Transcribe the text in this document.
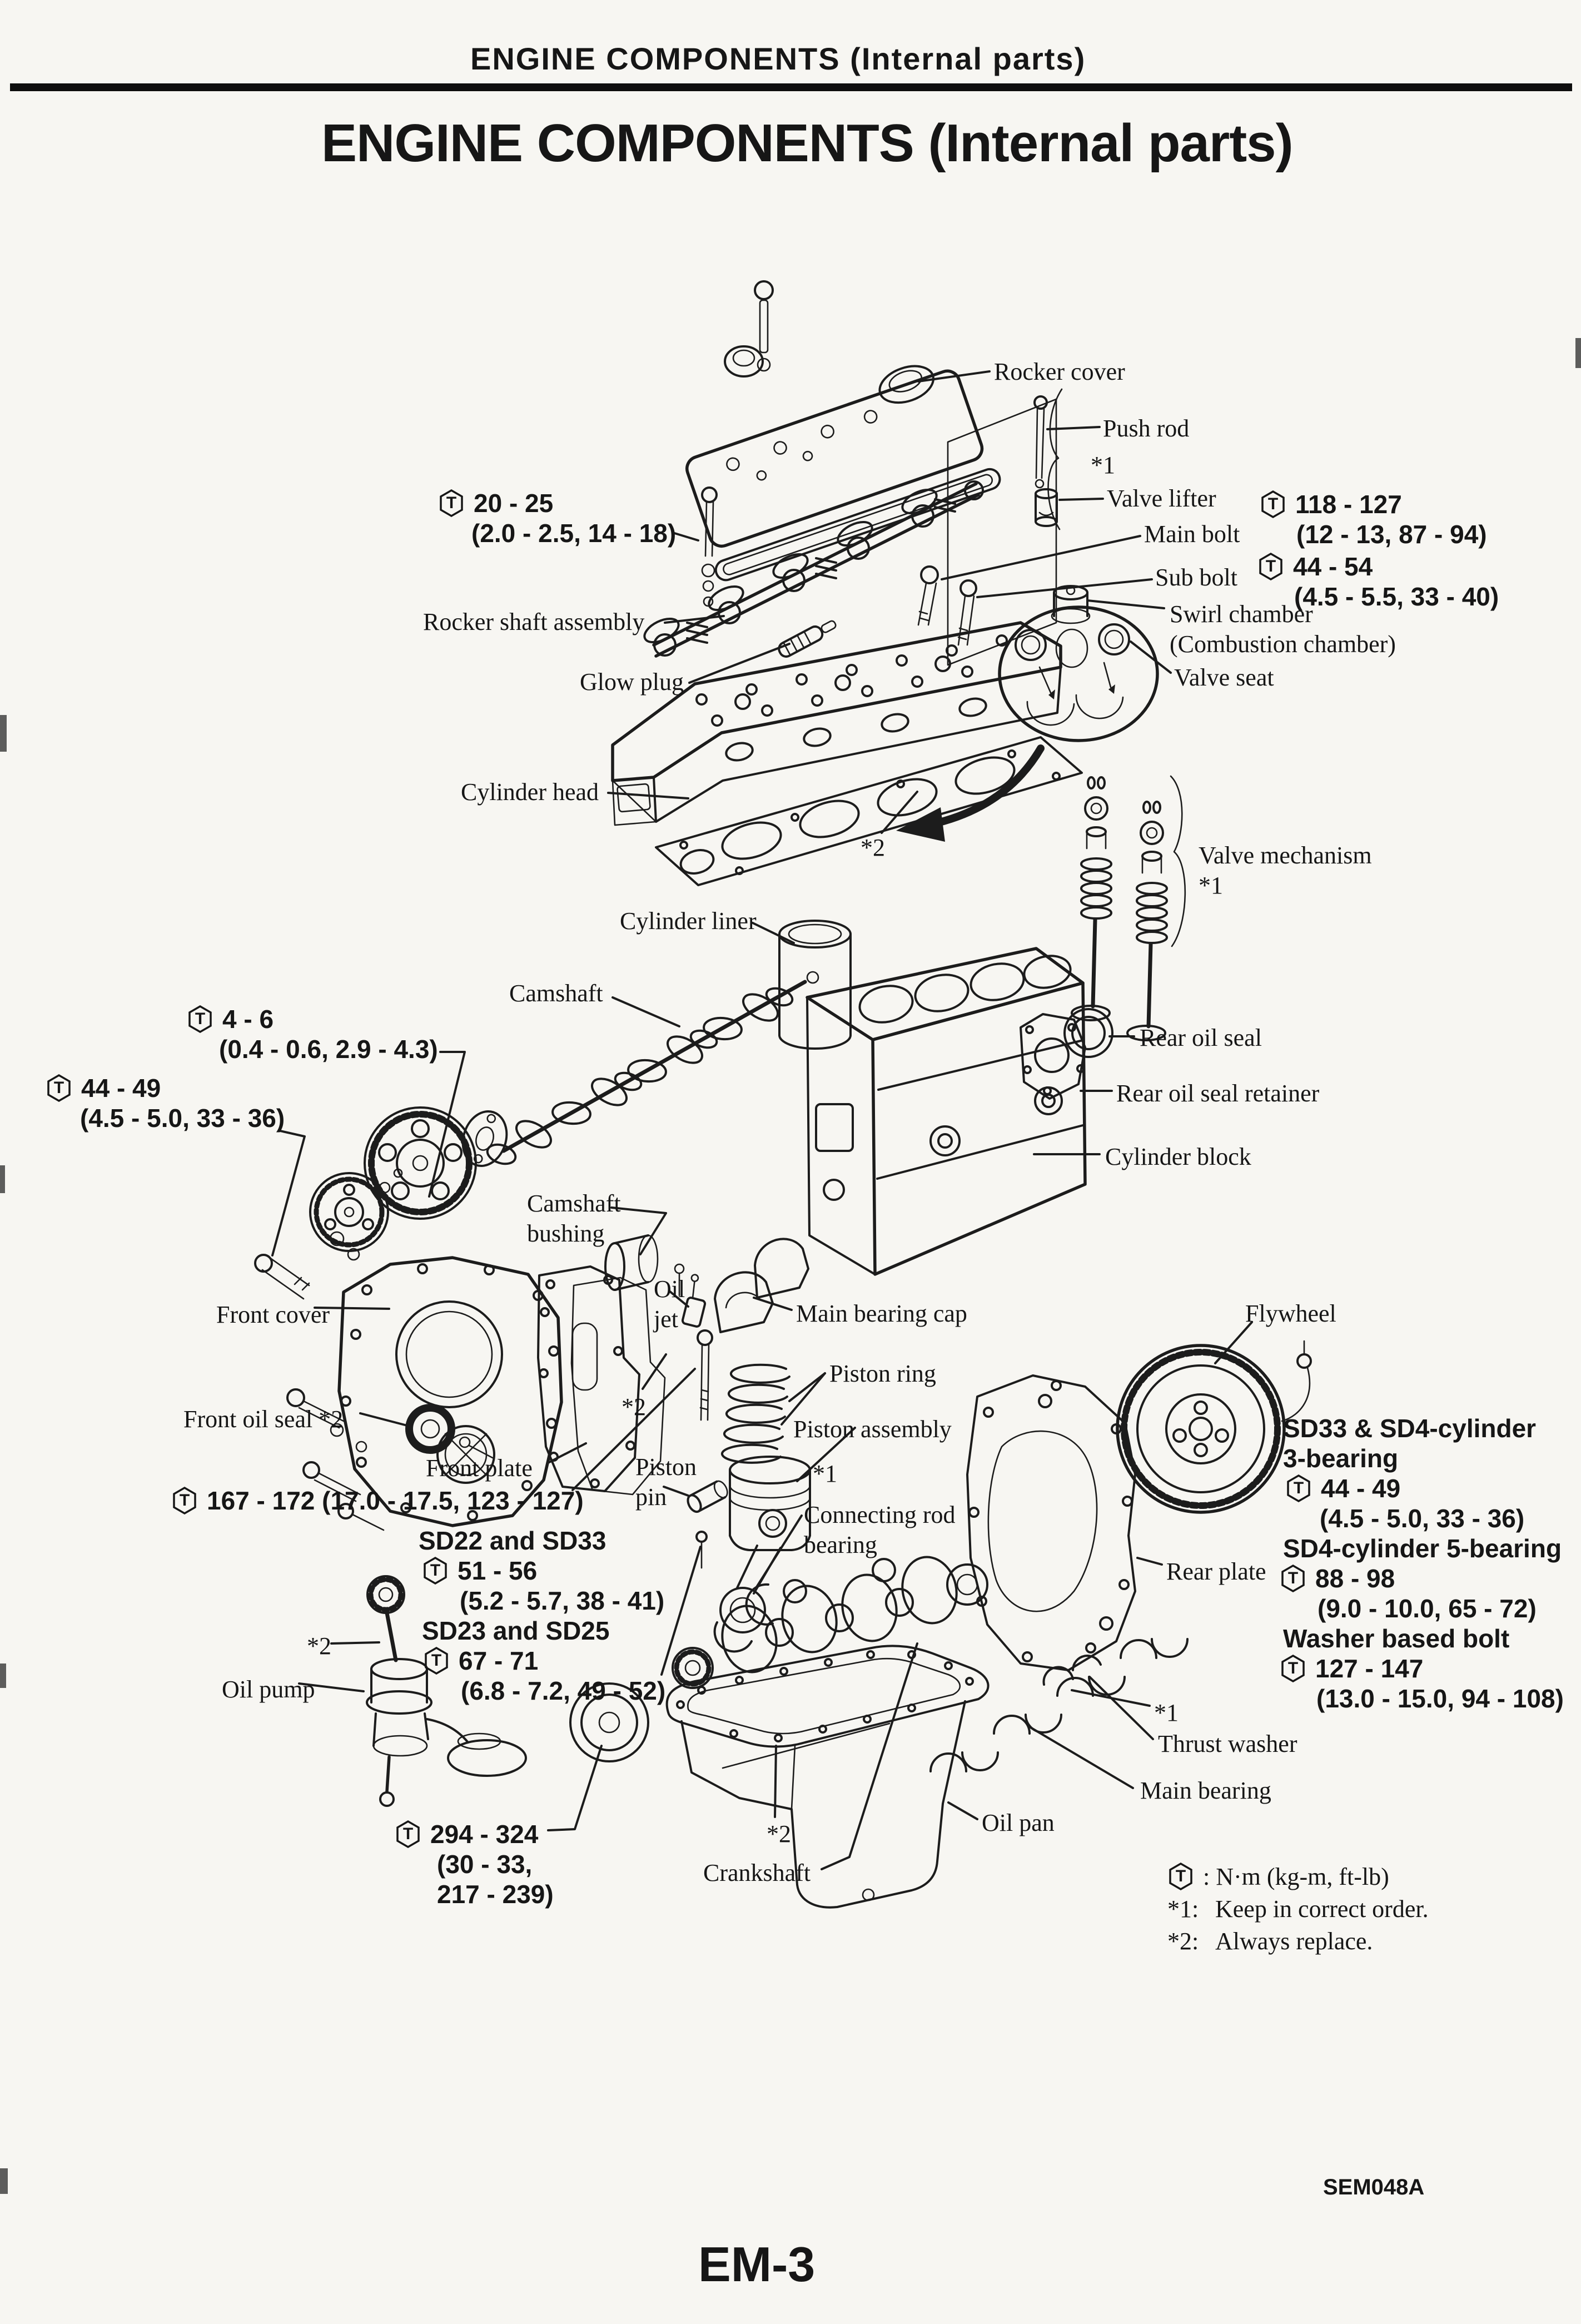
ENGINE COMPONENTS (Internal parts)
ENGINE COMPONENTS (Internal parts)
Rocker cover
Push rod
*1
Valve lifter
Main bolt
Sub bolt
Rocker shaft assembly
Glow plug
Swirl chamber
(Combustion chamber)
Valve seat
Cylinder head
*2	Valve mechanism
*1
Cylinder liner
Camshaft
Rear oil seal
Rear oil seal retainer
Camshaft
bushing
Cylinder block
Front cover
Oil
jet	Main bearing cap	Flywheel
Piston ring
Front oil seal *2	*2
Piston assembly
*1
Piston
pin
Front plate
Connecting rod
bearing
Rear plate
*2
Oil pump
*1
Thrust washer
Main bearing
Oil pan
*2
Crankshaft
T 20 - 25
(2.0 - 2.5, 14 - 18)
T 118 - 127
(12 - 13, 87 - 94)
T 44 - 54
(4.5 - 5.5, 33 - 40)
T 4 - 6
(0.4 - 0.6, 2.9 - 4.3)
T 44 - 49
(4.5 - 5.0, 33 - 36)
T 167 - 172 (17.0 - 17.5, 123 - 127)
SD22 and SD33
T 51 - 56
(5.2 - 5.7, 38 - 41)
SD23 and SD25
T 67 - 71
(6.8 - 7.2, 49 - 52)
SD33 & SD4-cylinder
3-bearing
T 44 - 49
(4.5 - 5.0, 33 - 36)
SD4-cylinder 5-bearing
T 88 - 98
(9.0 - 10.0, 65 - 72)
Washer based bolt
T 127 - 147
(13.0 - 15.0, 94 - 108)
T 294 - 324
(30 - 33,
217 - 239)
T : N·m (kg-m, ft-lb)
*1: Keep in correct order.
*2: Always replace.
SEM048A
EM-3
